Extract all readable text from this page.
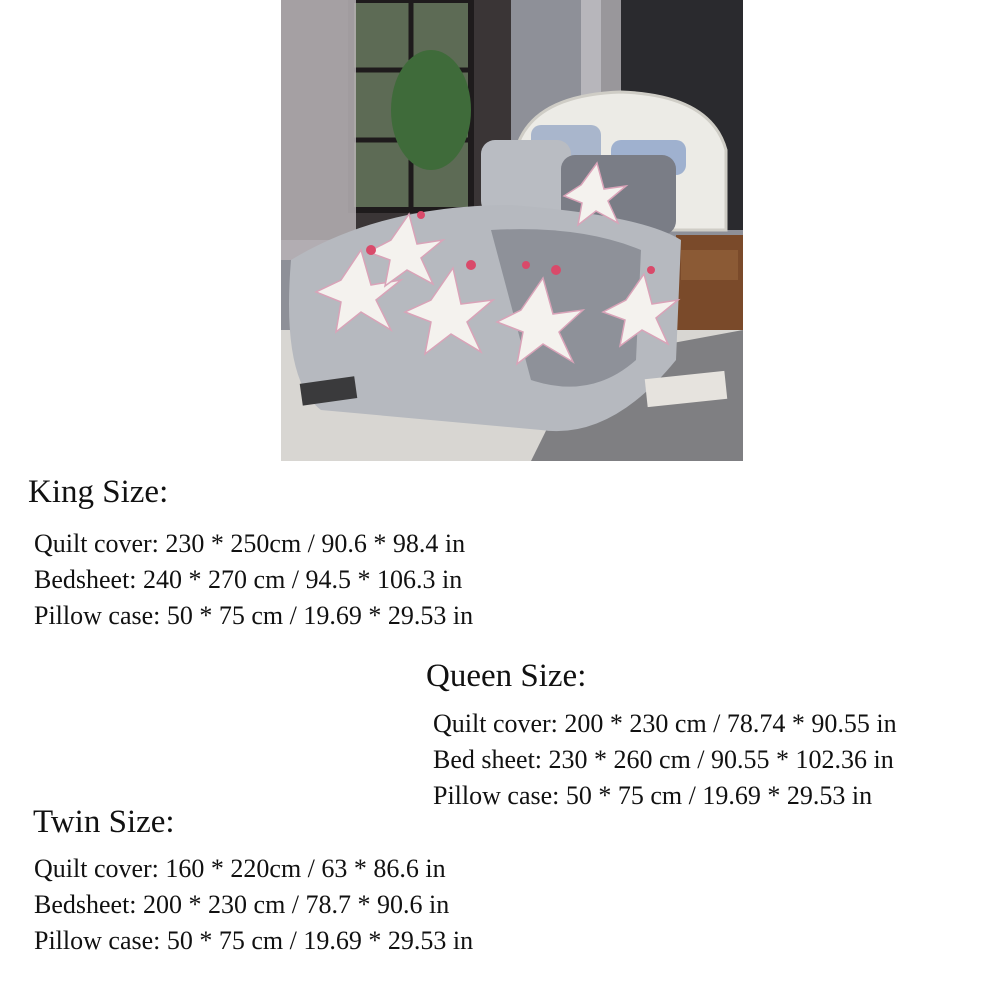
King Size:
Quilt cover: 230 * 250cm / 90.6 * 98.4 in
Bedsheet: 240 * 270 cm / 94.5 * 106.3 in
Pillow case: 50 * 75 cm / 19.69 * 29.53 in
Queen Size:
Quilt cover: 200 * 230 cm / 78.74 * 90.55 in
Bed sheet: 230 * 260 cm / 90.55 * 102.36 in
Pillow case: 50 * 75 cm / 19.69 * 29.53 in
Twin Size:
Quilt cover: 160 * 220cm / 63 * 86.6 in
Bedsheet: 200 * 230 cm / 78.7 * 90.6 in
Pillow case: 50 * 75 cm / 19.69 * 29.53 in
